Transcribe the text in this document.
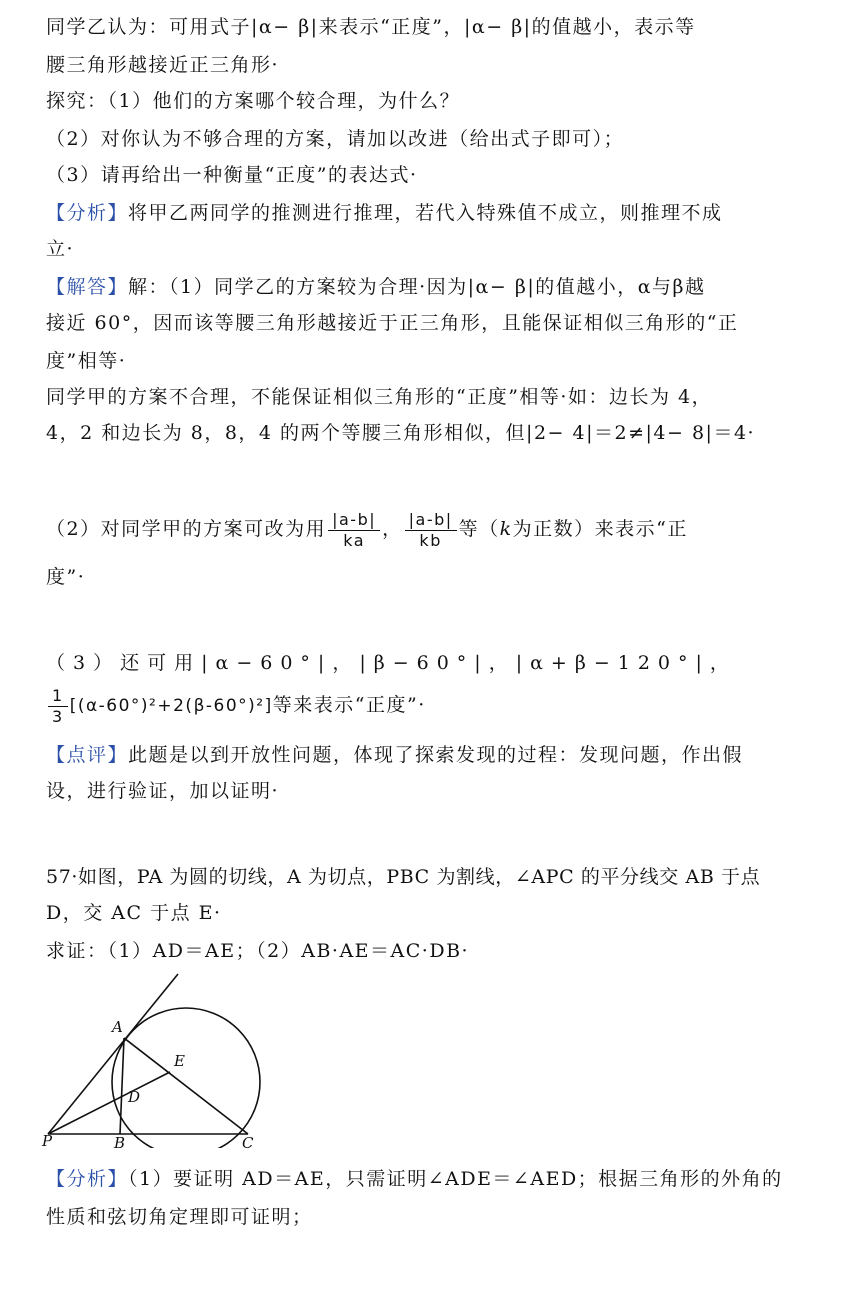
同学乙认为：可用式子|α− β|来表示“正度”，|α− β|的值越小，表示等
腰三角形越接近正三角形·
探究：（1）他们的方案哪个较合理，为什么？
（2）对你认为不够合理的方案，请加以改进（给出式子即可）；
（3）请再给出一种衡量“正度”的表达式·
【分析】将甲乙两同学的推测进行推理，若代入特殊值不成立，则推理不成
立·
【解答】解：（1）同学乙的方案较为合理·因为|α− β|的值越小，α与β越
接近 60°，因而该等腰三角形越接近于正三角形，且能保证相似三角形的“正
度”相等·
同学甲的方案不合理，不能保证相似三角形的“正度”相等·如：边长为 4，
4，2 和边长为 8，8，4 的两个等腰三角形相似，但|2− 4|＝2≠|4− 8|＝4·
（2）对同学甲的方案可改为用 $\frac{|a-b|}{ka}$ ， $\frac{|a-b|}{kb}$ 等（k为正数）来表示“正
度”·
（3）还可用|α−60°|，|β−60°|，|α+β−120°|，
$\frac{1}{3} [(\alpha-60^\circ)^2+2(\beta-60^\circ)^2]$等来表示“正度”·
【点评】此题是以到开放性问题，体现了探索发现的过程：发现问题，作出假
设，进行验证，加以证明·
57·如图，PA 为圆的切线，A 为切点，PBC 为割线，∠APC 的平分线交 AB 于点
D，交 AC 于点 E·
求证：（1）AD＝AE；（2）AB·AE＝AC·DB·
A
E
D
P	B	C
【分析】（1）要证明 AD＝AE，只需证明∠ADE＝∠AED；根据三角形的外角的
性质和弦切角定理即可证明；
